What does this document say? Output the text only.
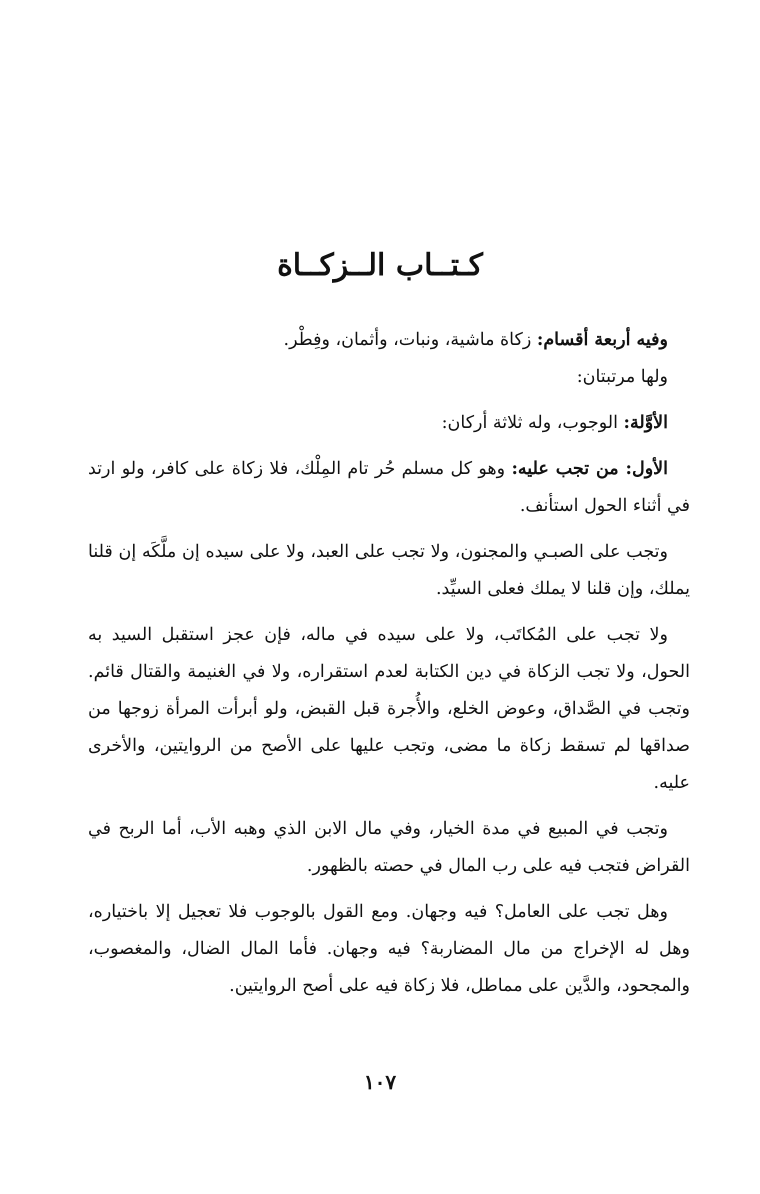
كـتــاب الــزكــاة

وفيه أربعة أقسام: زكاة ماشية، ونبات، وأثمان، وفِطْر.

ولها مرتبتان:

الأوَّلة: الوجوب، وله ثلاثة أركان:

الأول: من تجب عليه: وهو كل مسلم حُر تام المِلْك، فلا زكاة على كافر، ولو ارتد في أثناء الحول استأنف.

وتجب على الصبـي والمجنون، ولا تجب على العبد، ولا على سيده إن ملَّكَه إن قلنا يملك، وإن قلنا لا يملك فعلى السيِّد.

ولا تجب على المُكاتَب، ولا على سيده في ماله، فإن عجز استقبل السيد به الحول، ولا تجب الزكاة في دين الكتابة لعدم استقراره، ولا في الغنيمة والقتال قائم. وتجب في الصَّداق، وعوض الخلع، والأُجرة قبل القبض، ولو أبرأت المرأة زوجها من صداقها لم تسقط زكاة ما مضى، وتجب عليها على الأصح من الروايتين، والأخرى عليه.

وتجب في المبيع في مدة الخيار، وفي مال الابن الذي وهبه الأب، أما الربح في القراض فتجب فيه على رب المال في حصته بالظهور.

وهل تجب على العامل؟ فيه وجهان. ومع القول بالوجوب فلا تعجيل إلا باختياره، وهل له الإخراج من مال المضاربة؟ فيه وجهان. فأما المال الضال، والمغصوب، والمجحود، والدَّين على مماطل، فلا زكاة فيه على أصح الروايتين.

١٠٧
